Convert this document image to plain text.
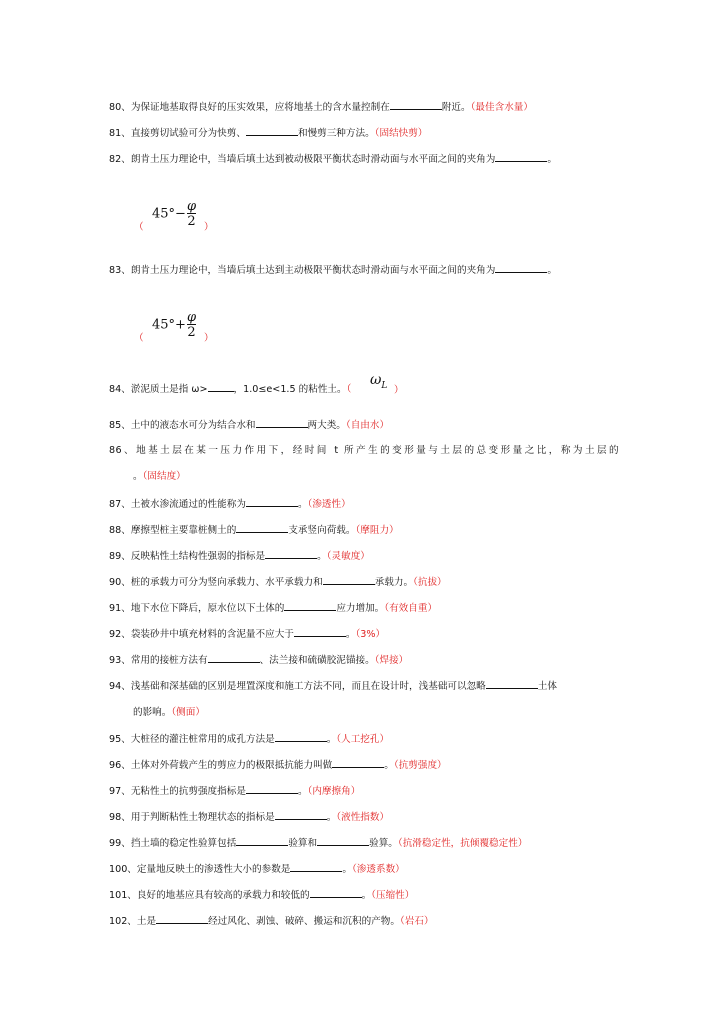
80、为保证地基取得良好的压实效果，应将地基土的含水量控制在	附近。（最佳含水量）
81、直接剪切试验可分为快剪、	和慢剪三种方法。（固结快剪）
82、朗肯土压力理论中，当墙后填土达到被动极限平衡状态时滑动面与水平面之间的夹角为	。
（
$45^\circ- \frac{\varphi}{2}$ ）
83、朗肯土压力理论中，当墙后填土达到主动极限平衡状态时滑动面与水平面之间的夹角为	。
（
$45^\circ+ \frac{\varphi}{2}$ ）
84、淤泥质土是指 ω>	，1.0≤e<1.5 的粘性土。（
$\omega_L$ ）
85、土中的液态水可分为结合水和	两大类。（自由水）
86、地基土层在某一压力作用下，经时间 t 所产生的变形量与土层的总变形量之比，称为土层的
。（固结度）
87、土被水渗流通过的性能称为	。（渗透性）
88、摩擦型桩主要靠桩侧土的	支承竖向荷载。（摩阻力）
89、反映粘性土结构性强弱的指标是	。（灵敏度）
90、桩的承载力可分为竖向承载力、水平承载力和	承载力。（抗拔）
91、地下水位下降后，原水位以下土体的	应力增加。（有效自重）
92、袋装砂井中填充材料的含泥量不应大于	。（3%）
93、常用的接桩方法有	、法兰接和硫磺胶泥锚接。（焊接）
94、浅基础和深基础的区别是埋置深度和施工方法不同，而且在设计时，浅基础可以忽略	土体
的影响。（侧面）
95、大桩径的灌注桩常用的成孔方法是	。（人工挖孔）
96、土体对外荷载产生的剪应力的极限抵抗能力叫做	。（抗剪强度）
97、无粘性土的抗剪强度指标是	。（内摩擦角）
98、用于判断粘性土物理状态的指标是	。（液性指数）
99、挡土墙的稳定性验算包括	验算和	验算。（抗滑稳定性，抗倾覆稳定性）
100、定量地反映土的渗透性大小的参数是	。（渗透系数）
101、良好的地基应具有较高的承载力和较低的	。（压缩性）
102、土是	经过风化、剥蚀、破碎、搬运和沉积的产物。（岩石）
